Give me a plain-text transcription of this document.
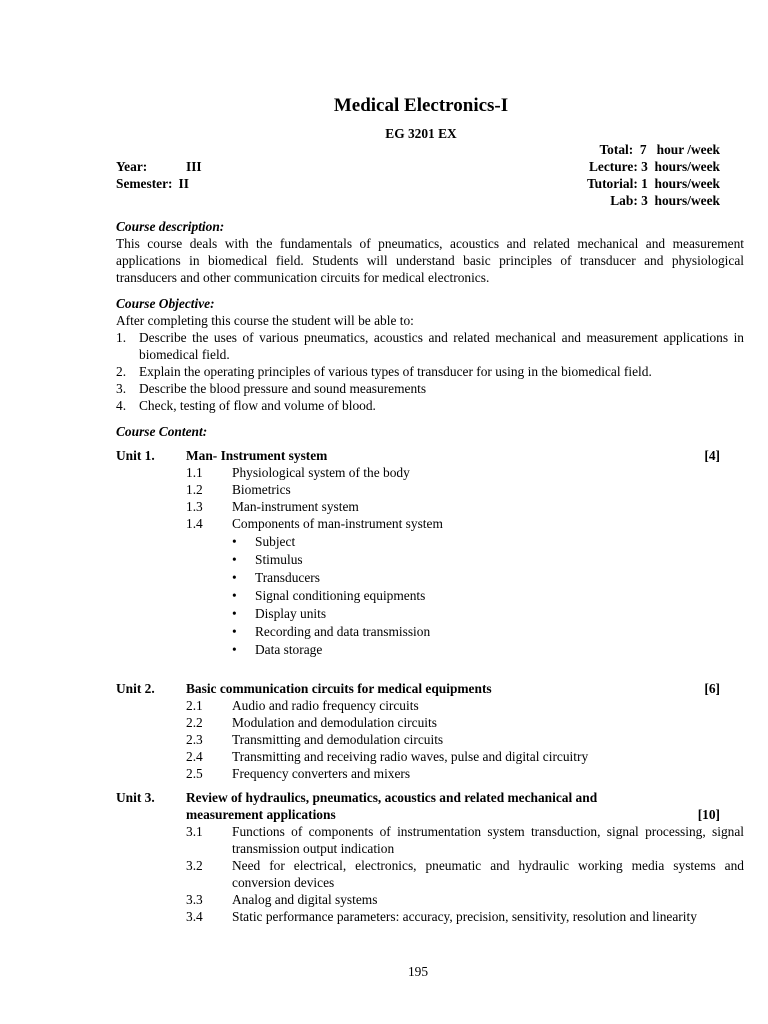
Medical Electronics-I
EG 3201 EX
Total:  7   hour /week
Lecture: 3  hours/week
Tutorial: 1  hours/week
Lab: 3  hours/week
Year:	III
Semester: II
Course description:
This course deals with the fundamentals of pneumatics, acoustics and related mechanical and measurement applications in biomedical field. Students will understand basic principles of transducer and physiological transducers and other communication circuits for medical electronics.
Course Objective:
After completing this course the student will be able to:
1. Describe the uses of various pneumatics, acoustics and related mechanical and measurement applications in biomedical field.
2. Explain the operating principles of various types of transducer for using in the biomedical field.
3. Describe the blood pressure and sound measurements
4. Check, testing of flow and volume of blood.
Course Content:
Unit 1.	Man- Instrument system	[4]
1.1	Physiological system of the body
1.2	Biometrics
1.3	Man-instrument system
1.4	Components of man-instrument system
•	Subject
•	Stimulus
•	Transducers
•	Signal conditioning equipments
•	Display units
•	Recording and data transmission
•	Data storage
Unit 2.	Basic communication circuits for medical equipments	[6]
2.1	Audio and radio frequency circuits
2.2	Modulation and demodulation circuits
2.3	Transmitting and demodulation circuits
2.4	Transmitting and receiving radio waves, pulse and digital circuitry
2.5	Frequency converters and mixers
Unit 3.	Review of hydraulics, pneumatics, acoustics and related mechanical and
measurement applications	[10]
3.1	Functions of components of instrumentation system transduction, signal processing, signal transmission output indication
3.2	Need for electrical, electronics, pneumatic and hydraulic working media systems and conversion devices
3.3	Analog and digital systems
3.4	Static performance parameters: accuracy, precision, sensitivity, resolution and linearity
195
